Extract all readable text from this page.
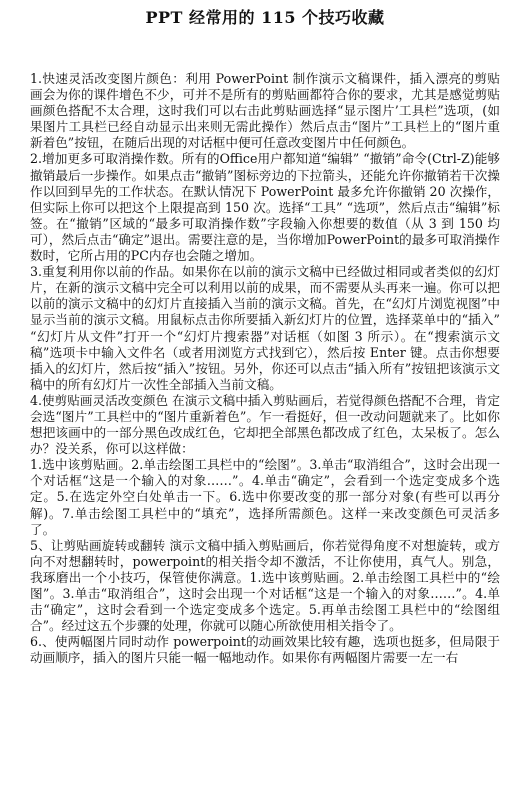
PPT 经常用的 115 个技巧收藏

1.快速灵活改变图片颜色：利用 PowerPoint 制作演示文稿课件，插入漂亮的剪贴画会为你的课件增色不少，可并不是所有的剪贴画都符合你的要求，尤其是感觉剪贴画颜色搭配不太合理，这时我们可以右击此剪贴画选择“显示图片’工具栏”选项，(如果图片工具栏已经自动显示出来则无需此操作）然后点击“图片”工具栏上的“图片重新着色”按钮，在随后出现的对话框中便可任意改变图片中任何颜色。

2.增加更多可取消操作数。所有的Office用户都知道“编辑” “撤销”命令(Ctrl-Z)能够撤销最后一步操作。如果点击“撤销”图标旁边的下拉箭头，还能允许你撤销若干次操作以回到早先的工作状态。在默认情况下 PowerPoint 最多允许你撤销 20 次操作，但实际上你可以把这个上限提高到 150 次。选择“工具” “选项”，然后点击“编辑”标签。在“撤销”区域的“最多可取消操作数”字段输入你想要的数值（从 3 到 150 均可），然后点击“确定”退出。需要注意的是，当你增加PowerPoint的最多可取消操作数时，它所占用的PC内存也会随之增加。

3.重复利用你以前的作品。如果你在以前的演示文稿中已经做过相同或者类似的幻灯片，在新的演示文稿中完全可以利用以前的成果，而不需要从头再来一遍。你可以把以前的演示文稿中的幻灯片直接插入当前的演示文稿。首先，在“幻灯片浏览视图”中显示当前的演示文稿。用鼠标点击你所要插入新幻灯片的位置，选择菜单中的“插入” “幻灯片从文件”打开一个“幻灯片搜索器”对话框（如图 3 所示）。在“搜索演示文稿”选项卡中输入文件名（或者用浏览方式找到它），然后按 Enter 键。点击你想要插入的幻灯片，然后按“插入”按钮。另外，你还可以点击“插入所有”按钮把该演示文稿中的所有幻灯片一次性全部插入当前文稿。

4.使剪贴画灵活改变颜色 在演示文稿中插入剪贴画后，若觉得颜色搭配不合理，肯定会选“图片”工具栏中的“图片重新着色”。乍一看挺好，但一改动问题就来了。比如你想把该画中的一部分黑色改成红色，它却把全部黑色都改成了红色，太呆板了。怎么办？没关系，你可以这样做：

1.选中该剪贴画。2.单击绘图工具栏中的“绘图”。3.单击“取消组合”，这时会出现一个对话框“这是一个输入的对象……”。4.单击“确定”，会看到一个选定变成多个选定。5.在选定外空白处单击一下。6.选中你要改变的那一部分对象(有些可以再分解)。7.单击绘图工具栏中的“填充”，选择所需颜色。这样一来改变颜色可灵活多了。

5、让剪贴画旋转或翻转 演示文稿中插入剪贴画后，你若觉得角度不对想旋转，或方向不对想翻转时，powerpoint的相关指令却不激活，不让你使用，真气人。别急，我琢磨出一个小技巧，保管使你满意。1.选中该剪贴画。2.单击绘图工具栏中的“绘图”。3.单击“取消组合”，这时会出现一个对话框“这是一个输入的对象……”。4.单击“确定”，这时会看到一个选定变成多个选定。5.再单击绘图工具栏中的“绘图组合”。经过这五个步骤的处理，你就可以随心所欲使用相关指令了。

6.、使两幅图片同时动作 powerpoint的动画效果比较有趣，选项也挺多，但局限于动画顺序，插入的图片只能一幅一幅地动作。如果你有两幅图片需要一左一右
